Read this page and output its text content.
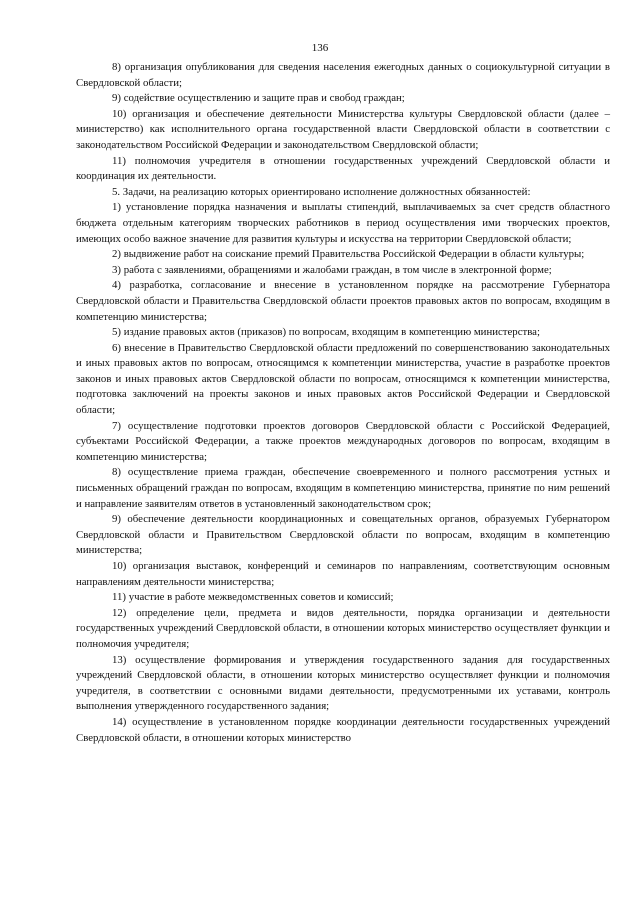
136

8) организация опубликования для сведения населения ежегодных данных о социокультурной ситуации в Свердловской области;

9) содействие осуществлению и защите прав и свобод граждан;

10) организация и обеспечение деятельности Министерства культуры Свердловской области (далее – министерство) как исполнительного органа государственной власти Свердловской области в соответствии с законодательством Российской Федерации и законодательством Свердловской области;

11) полномочия учредителя в отношении государственных учреждений Свердловской области и координация их деятельности.

5. Задачи, на реализацию которых ориентировано исполнение должностных обязанностей:

1) установление порядка назначения и выплаты стипендий, выплачиваемых за счет средств областного бюджета отдельным категориям творческих работников в период осуществления ими творческих проектов, имеющих особо важное значение для развития культуры и искусства на территории Свердловской области;

2) выдвижение работ на соискание премий Правительства Российской Федерации в области культуры;

3) работа с заявлениями, обращениями и жалобами граждан, в том числе в электронной форме;

4) разработка, согласование и внесение в установленном порядке на рассмотрение Губернатора Свердловской области и Правительства Свердловской области проектов правовых актов по вопросам, входящим в компетенцию министерства;

5) издание правовых актов (приказов) по вопросам, входящим в компетенцию министерства;

6) внесение в Правительство Свердловской области предложений по совершенствованию законодательных и иных правовых актов по вопросам, относящимся к компетенции министерства, участие в разработке проектов законов и иных правовых актов Свердловской области по вопросам, относящимся к компетенции министерства, подготовка заключений на проекты законов и иных правовых актов Российской Федерации и Свердловской области;

7) осуществление подготовки проектов договоров Свердловской области с Российской Федерацией, субъектами Российской Федерации, а также проектов международных договоров по вопросам, входящим в компетенцию министерства;

8) осуществление приема граждан, обеспечение своевременного и полного рассмотрения устных и письменных обращений граждан по вопросам, входящим в компетенцию министерства, принятие по ним решений и направление заявителям ответов в установленный законодательством срок;

9) обеспечение деятельности координационных и совещательных органов, образуемых Губернатором Свердловской области и Правительством Свердловской области по вопросам, входящим в компетенцию министерства;

10) организация выставок, конференций и семинаров по направлениям, соответствующим основным направлениям деятельности министерства;

11) участие в работе межведомственных советов и комиссий;

12) определение цели, предмета и видов деятельности, порядка организации и деятельности государственных учреждений Свердловской области, в отношении которых министерство осуществляет функции и полномочия учредителя;

13) осуществление формирования и утверждения государственного задания для государственных учреждений Свердловской области, в отношении которых министерство осуществляет функции и полномочия учредителя, в соответствии с основными видами деятельности, предусмотренными их уставами, контроль выполнения утвержденного государственного задания;

14) осуществление в установленном порядке координации деятельности государственных учреждений Свердловской области, в отношении которых министерство
